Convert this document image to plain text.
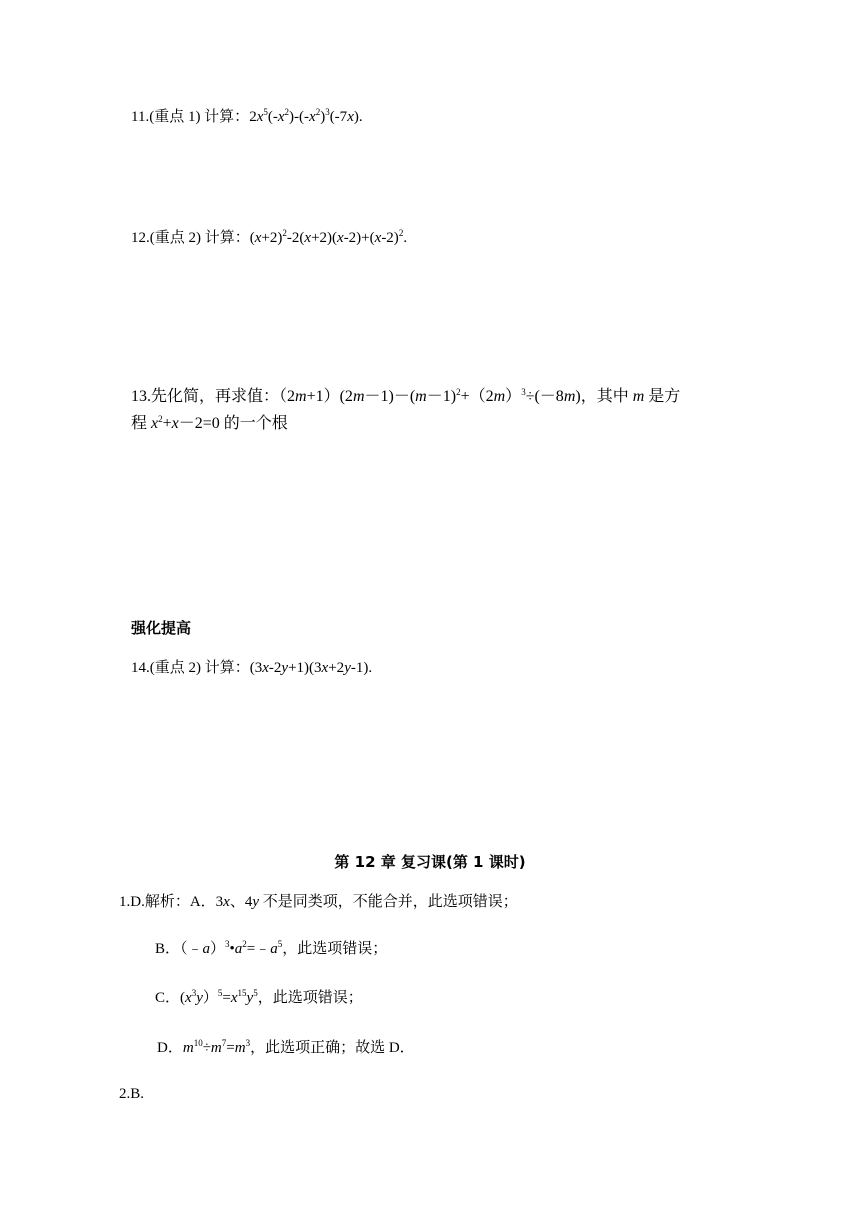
11.(重点 1) 计算：$2x^5(-x^2)-(-x^2)^3(-7x)$.
12.(重点 2) 计算：$(x+2)^2-2(x+2)(x-2)+(x-2)^2$.
13.先化简，再求值：$(2m+1)(2m-1)-(m-1)^2+(2m)^3\div(-8m)$，其中 m 是方
程 $x^2+x-2=0$ 的一个根
强化提高
14.(重点 2) 计算：(3x-2y+1)(3x+2y-1).
第 12 章 复习课(第 1 课时)
1.D.解析：A．3x、4y 不是同类项，不能合并，此选项错误；
B．$(﹣a)^3•a^2=﹣a^5$，此选项错误；
C．$(x^3y)^5=x^{15}y^5$，此选项错误；
D．$m^{10}\div m^7=m^3$，此选项正确；故选 D．
2.B.
